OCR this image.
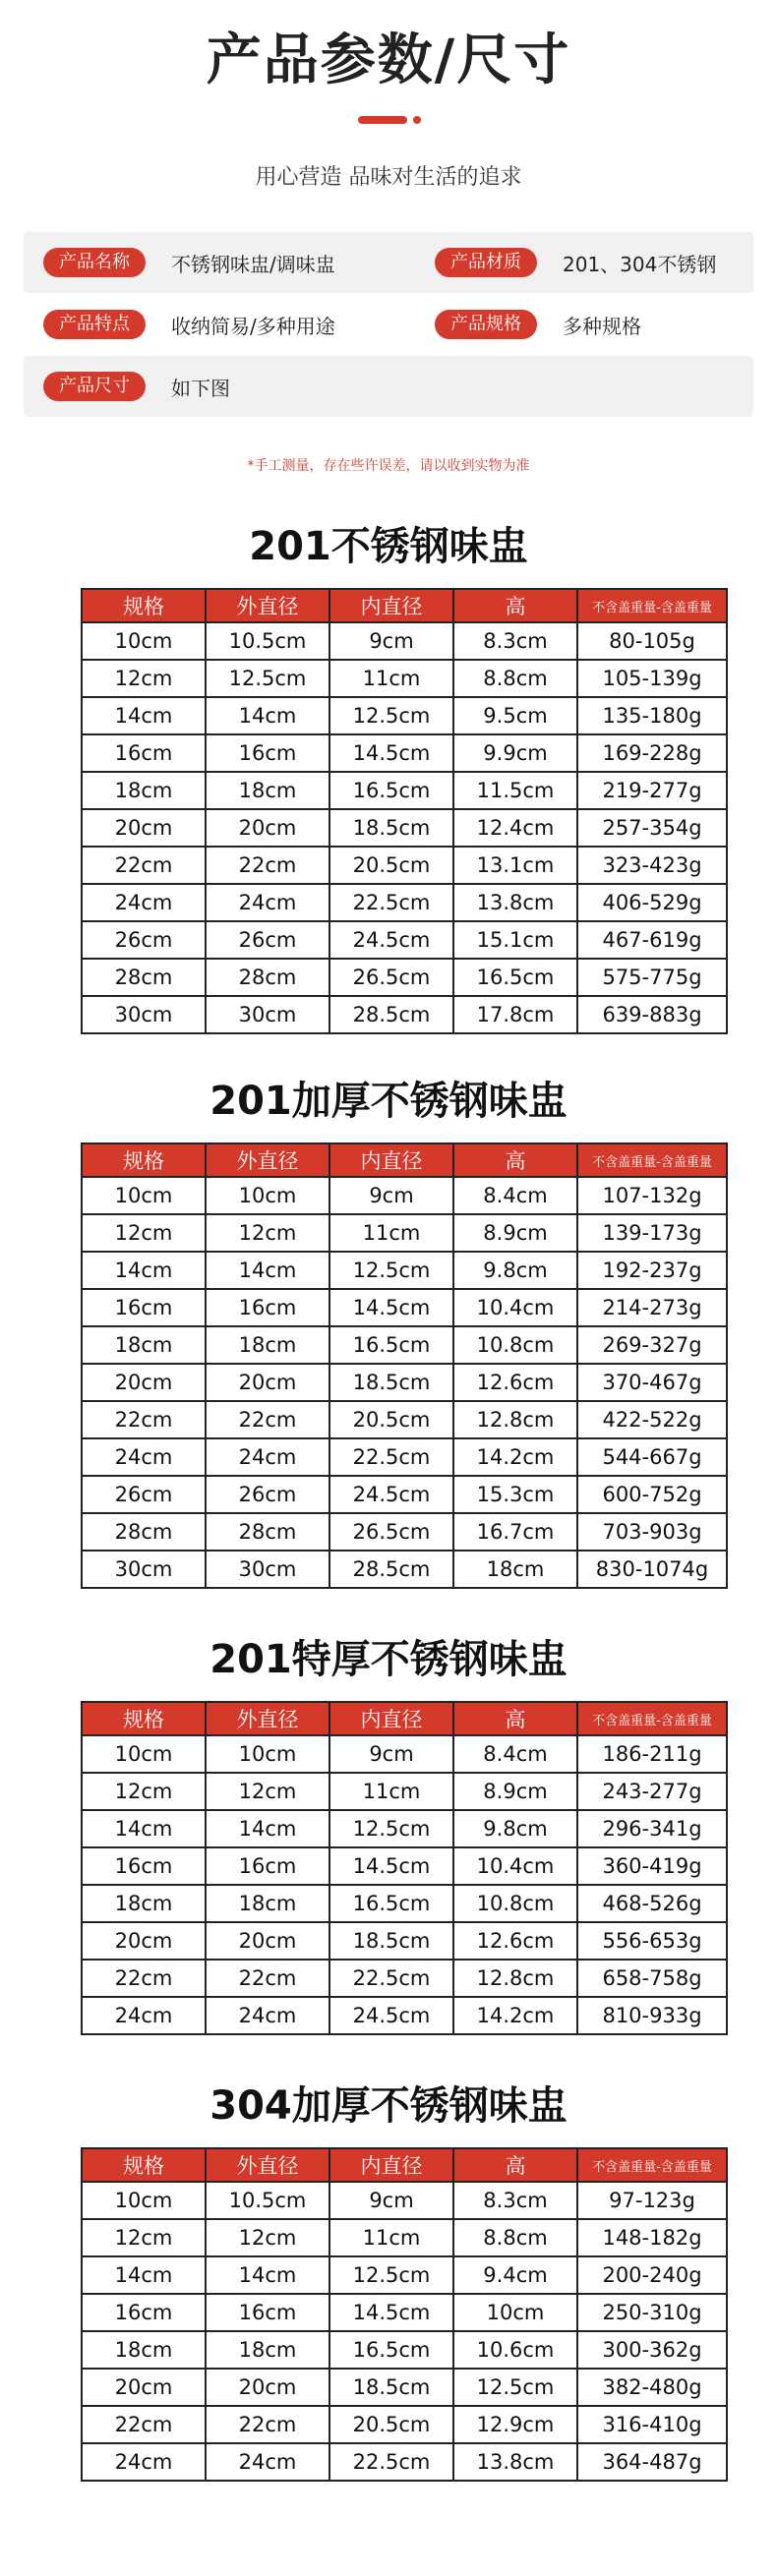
产品参数/尺寸
用心营造 品味对生活的追求
产品名称	不锈钢味盅/调味盅	产品材质	201、304不锈钢
产品特点	收纳简易/多种用途	产品规格	多种规格
产品尺寸	如下图
*手工测量，存在些许误差，请以收到实物为准
201不锈钢味盅
规格	外直径	内直径	高	不含盖重量-含盖重量
10cm	10.5cm	9cm	8.3cm	80-105g
12cm	12.5cm	11cm	8.8cm	105-139g
14cm	14cm	12.5cm	9.5cm	135-180g
16cm	16cm	14.5cm	9.9cm	169-228g
18cm	18cm	16.5cm	11.5cm	219-277g
20cm	20cm	18.5cm	12.4cm	257-354g
22cm	22cm	20.5cm	13.1cm	323-423g
24cm	24cm	22.5cm	13.8cm	406-529g
26cm	26cm	24.5cm	15.1cm	467-619g
28cm	28cm	26.5cm	16.5cm	575-775g
30cm	30cm	28.5cm	17.8cm	639-883g
201加厚不锈钢味盅
规格	外直径	内直径	高	不含盖重量-含盖重量
10cm	10cm	9cm	8.4cm	107-132g
12cm	12cm	11cm	8.9cm	139-173g
14cm	14cm	12.5cm	9.8cm	192-237g
16cm	16cm	14.5cm	10.4cm	214-273g
18cm	18cm	16.5cm	10.8cm	269-327g
20cm	20cm	18.5cm	12.6cm	370-467g
22cm	22cm	20.5cm	12.8cm	422-522g
24cm	24cm	22.5cm	14.2cm	544-667g
26cm	26cm	24.5cm	15.3cm	600-752g
28cm	28cm	26.5cm	16.7cm	703-903g
30cm	30cm	28.5cm	18cm	830-1074g
201特厚不锈钢味盅
规格	外直径	内直径	高	不含盖重量-含盖重量
10cm	10cm	9cm	8.4cm	186-211g
12cm	12cm	11cm	8.9cm	243-277g
14cm	14cm	12.5cm	9.8cm	296-341g
16cm	16cm	14.5cm	10.4cm	360-419g
18cm	18cm	16.5cm	10.8cm	468-526g
20cm	20cm	18.5cm	12.6cm	556-653g
22cm	22cm	22.5cm	12.8cm	658-758g
24cm	24cm	24.5cm	14.2cm	810-933g
304加厚不锈钢味盅
规格	外直径	内直径	高	不含盖重量-含盖重量
10cm	10.5cm	9cm	8.3cm	97-123g
12cm	12cm	11cm	8.8cm	148-182g
14cm	14cm	12.5cm	9.4cm	200-240g
16cm	16cm	14.5cm	10cm	250-310g
18cm	18cm	16.5cm	10.6cm	300-362g
20cm	20cm	18.5cm	12.5cm	382-480g
22cm	22cm	20.5cm	12.9cm	316-410g
24cm	24cm	22.5cm	13.8cm	364-487g
